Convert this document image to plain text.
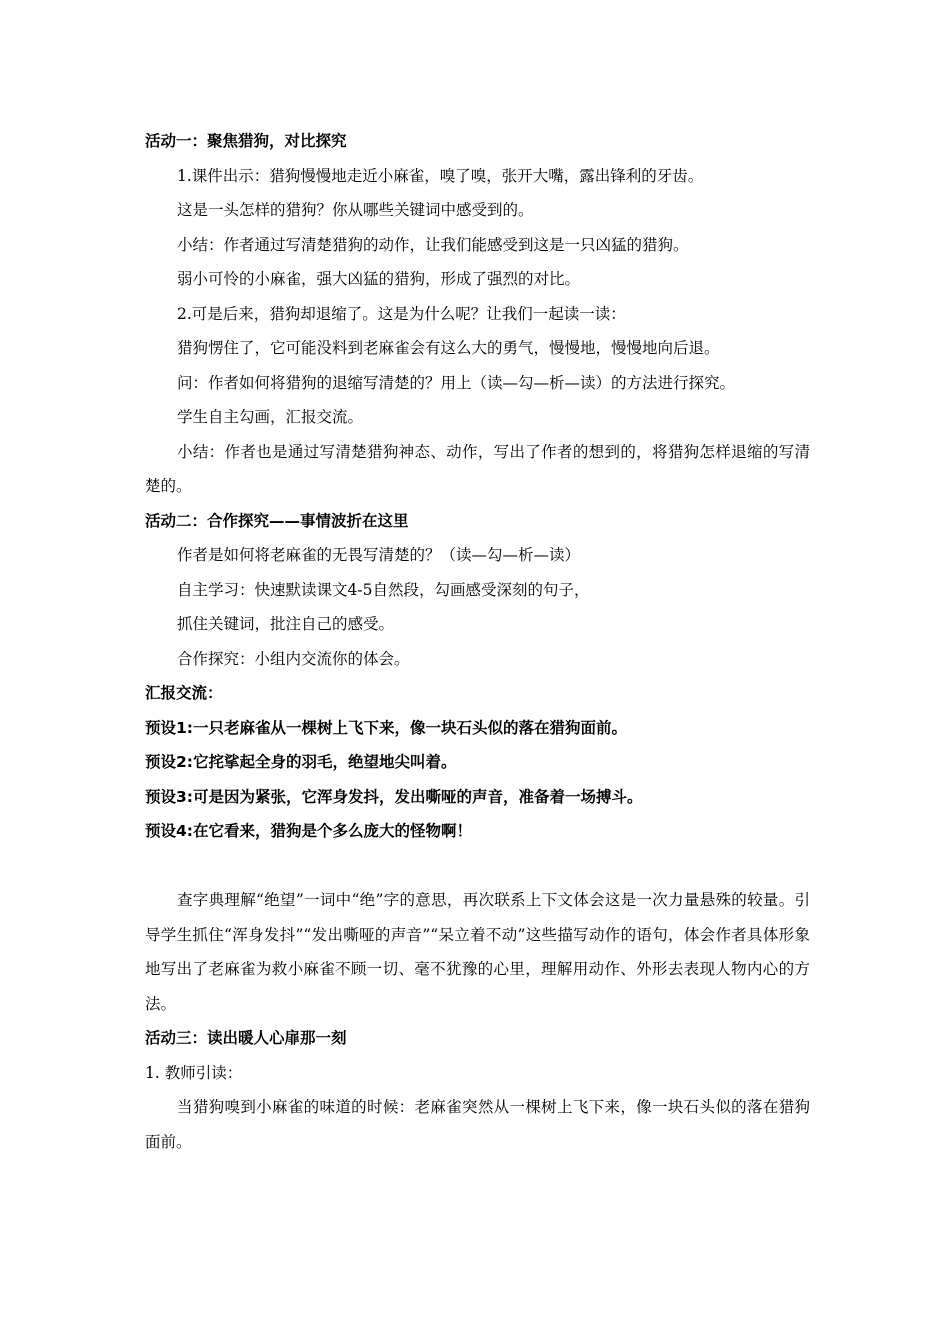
活动一：聚焦猎狗，对比探究

1.课件出示：猎狗慢慢地走近小麻雀，嗅了嗅，张开大嘴，露出锋利的牙齿。

这是一头怎样的猎狗？你从哪些关键词中感受到的。

小结：作者通过写清楚猎狗的动作，让我们能感受到这是一只凶猛的猎狗。

弱小可怜的小麻雀，强大凶猛的猎狗，形成了强烈的对比。

2.可是后来，猎狗却退缩了。这是为什么呢？让我们一起读一读：

猎狗愣住了，它可能没料到老麻雀会有这么大的勇气，慢慢地，慢慢地向后退。

问：作者如何将猎狗的退缩写清楚的？用上（读—勾—析—读）的方法进行探究。

学生自主勾画，汇报交流。

小结：作者也是通过写清楚猎狗神态、动作，写出了作者的想到的，将猎狗怎样退缩的写清楚的。

活动二：合作探究——事情波折在这里

作者是如何将老麻雀的无畏写清楚的？（读—勾—析—读）

自主学习：快速默读课文4-5自然段，勾画感受深刻的句子，

抓住关键词，批注自己的感受。

合作探究：小组内交流你的体会。

汇报交流：

预设1:一只老麻雀从一棵树上飞下来，像一块石头似的落在猎狗面前。

预设2:它挓挲起全身的羽毛，绝望地尖叫着。

预设3:可是因为紧张，它浑身发抖，发出嘶哑的声音，准备着一场搏斗。

预设4:在它看来，猎狗是个多么庞大的怪物啊！

查字典理解“绝望”一词中“绝”字的意思，再次联系上下文体会这是一次力量悬殊的较量。引导学生抓住“浑身发抖”“发出嘶哑的声音”“呆立着不动”这些描写动作的语句，体会作者具体形象地写出了老麻雀为救小麻雀不顾一切、毫不犹豫的心里，理解用动作、外形去表现人物内心的方法。

活动三：读出暖人心扉那一刻

1. 教师引读：

当猎狗嗅到小麻雀的味道的时候：老麻雀突然从一棵树上飞下来，像一块石头似的落在猎狗面前。
